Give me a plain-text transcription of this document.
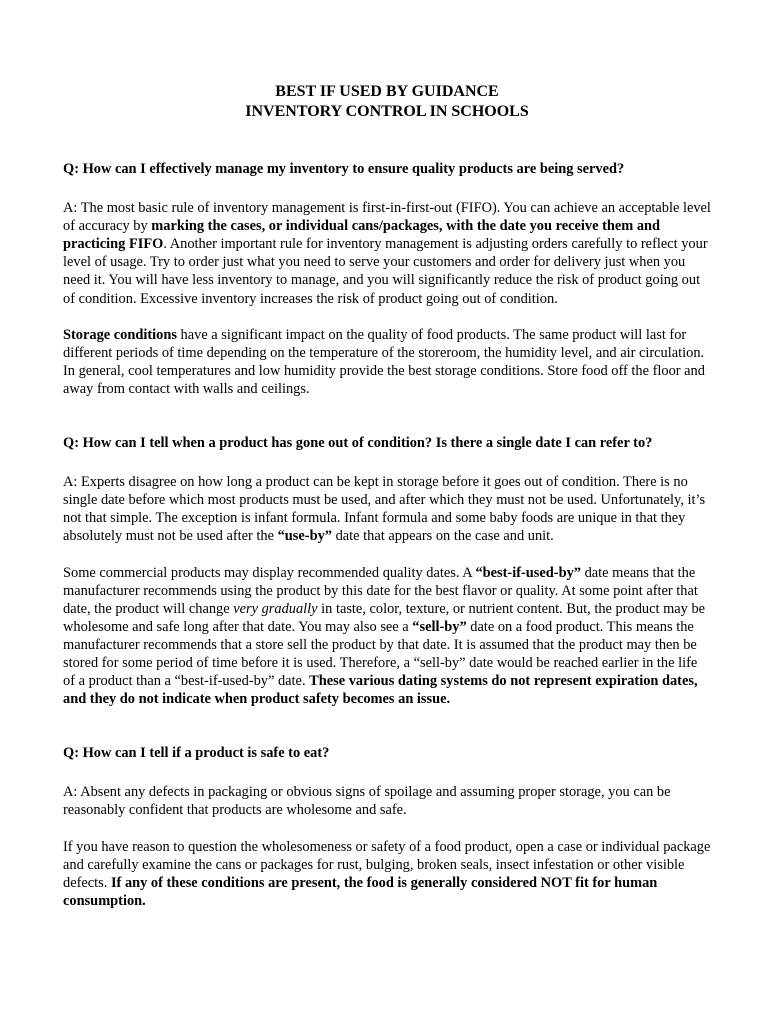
BEST IF USED BY GUIDANCE
INVENTORY CONTROL IN SCHOOLS
Q: How can I effectively manage my inventory to ensure quality products are being served?
A: The most basic rule of inventory management is first-in-first-out (FIFO). You can achieve an acceptable level of accuracy by marking the cases, or individual cans/packages, with the date you receive them and practicing FIFO. Another important rule for inventory management is adjusting orders carefully to reflect your level of usage. Try to order just what you need to serve your customers and order for delivery just when you need it. You will have less inventory to manage, and you will significantly reduce the risk of product going out of condition. Excessive inventory increases the risk of product going out of condition.
Storage conditions have a significant impact on the quality of food products. The same product will last for different periods of time depending on the temperature of the storeroom, the humidity level, and air circulation. In general, cool temperatures and low humidity provide the best storage conditions. Store food off the floor and away from contact with walls and ceilings.
Q: How can I tell when a product has gone out of condition? Is there a single date I can refer to?
A: Experts disagree on how long a product can be kept in storage before it goes out of condition. There is no single date before which most products must be used, and after which they must not be used. Unfortunately, it’s not that simple. The exception is infant formula. Infant formula and some baby foods are unique in that they absolutely must not be used after the “use-by” date that appears on the case and unit.
Some commercial products may display recommended quality dates. A “best-if-used-by” date means that the manufacturer recommends using the product by this date for the best flavor or quality. At some point after that date, the product will change very gradually in taste, color, texture, or nutrient content. But, the product may be wholesome and safe long after that date. You may also see a “sell-by” date on a food product. This means the manufacturer recommends that a store sell the product by that date. It is assumed that the product may then be stored for some period of time before it is used. Therefore, a “sell-by” date would be reached earlier in the life of a product than a “best-if-used-by” date. These various dating systems do not represent expiration dates, and they do not indicate when product safety becomes an issue.
Q: How can I tell if a product is safe to eat?
A: Absent any defects in packaging or obvious signs of spoilage and assuming proper storage, you can be reasonably confident that products are wholesome and safe.
If you have reason to question the wholesomeness or safety of a food product, open a case or individual package and carefully examine the cans or packages for rust, bulging, broken seals, insect infestation or other visible defects. If any of these conditions are present, the food is generally considered NOT fit for human consumption.
